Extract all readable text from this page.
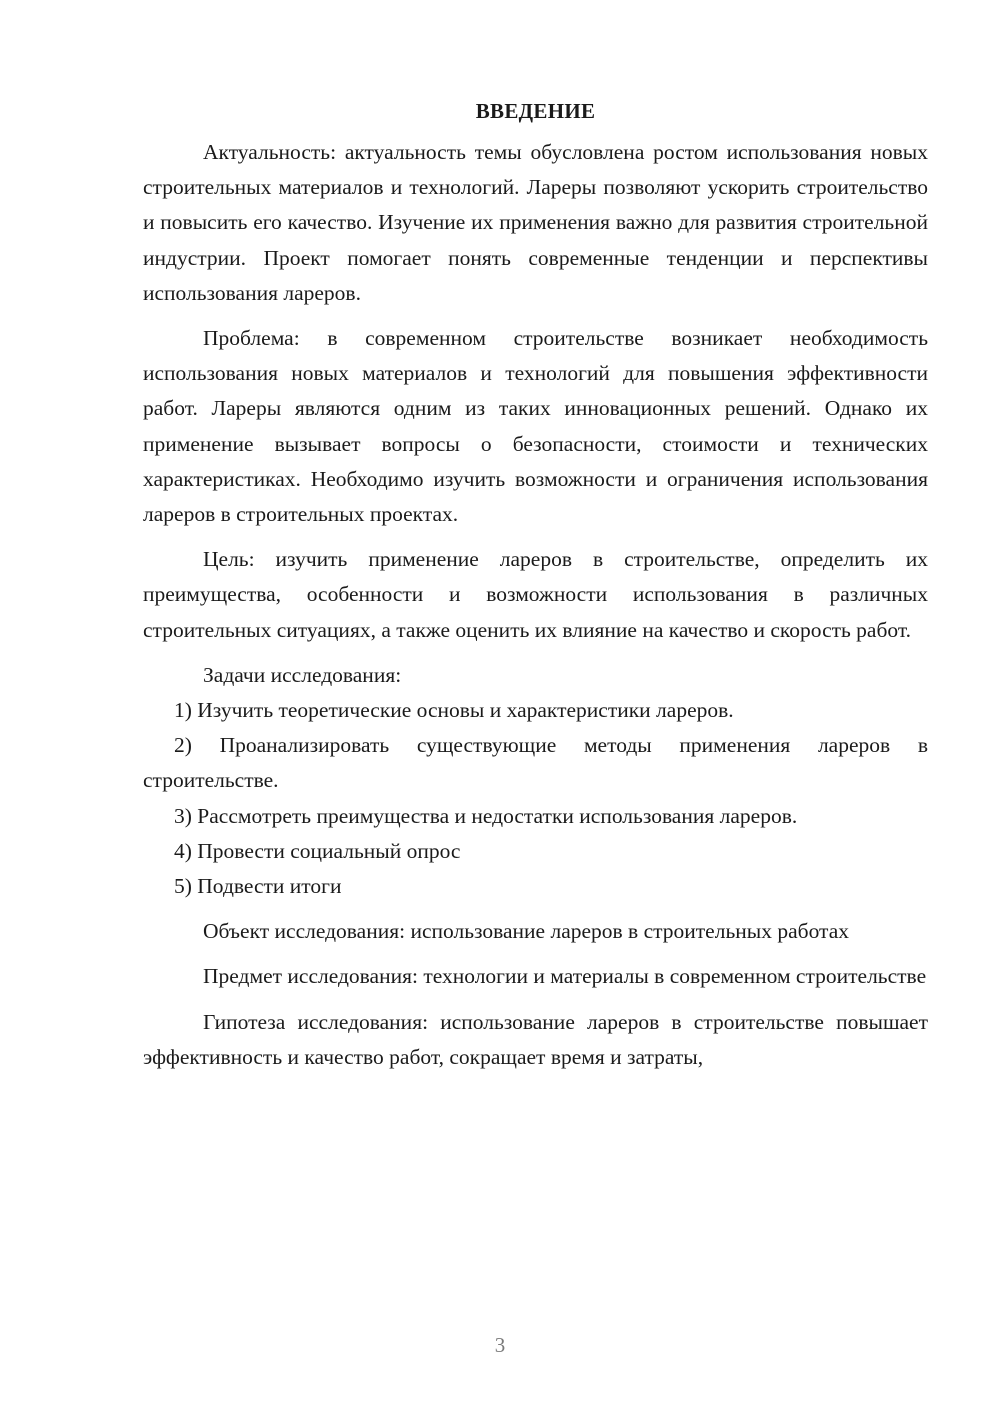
ВВЕДЕНИЕ

Актуальность: актуальность темы обусловлена ростом использования новых строительных материалов и технологий. Лареры позволяют ускорить строительство и повысить его качество. Изучение их применения важно для развития строительной индустрии. Проект помогает понять современные тенденции и перспективы использования лареров.

Проблема: в современном строительстве возникает необходимость использования новых материалов и технологий для повышения эффективности работ. Лареры являются одним из таких инновационных решений. Однако их применение вызывает вопросы о безопасности, стоимости и технических характеристиках. Необходимо изучить возможности и ограничения использования лареров в строительных проектах.

Цель: изучить применение лареров в строительстве, определить их преимущества, особенности и возможности использования в различных строительных ситуациях, а также оценить их влияние на качество и скорость работ.

Задачи исследования:

1) Изучить теоретические основы и характеристики лареров.

2) Проанализировать существующие методы применения лареров в строительстве.

3) Рассмотреть преимущества и недостатки использования лареров.

4) Провести социальный опрос

5) Подвести итоги

Объект исследования: использование лареров в строительных работах

Предмет исследования: технологии и материалы в современном строительстве

Гипотеза исследования: использование лареров в строительстве повышает эффективность и качество работ, сокращает время и затраты,

3
